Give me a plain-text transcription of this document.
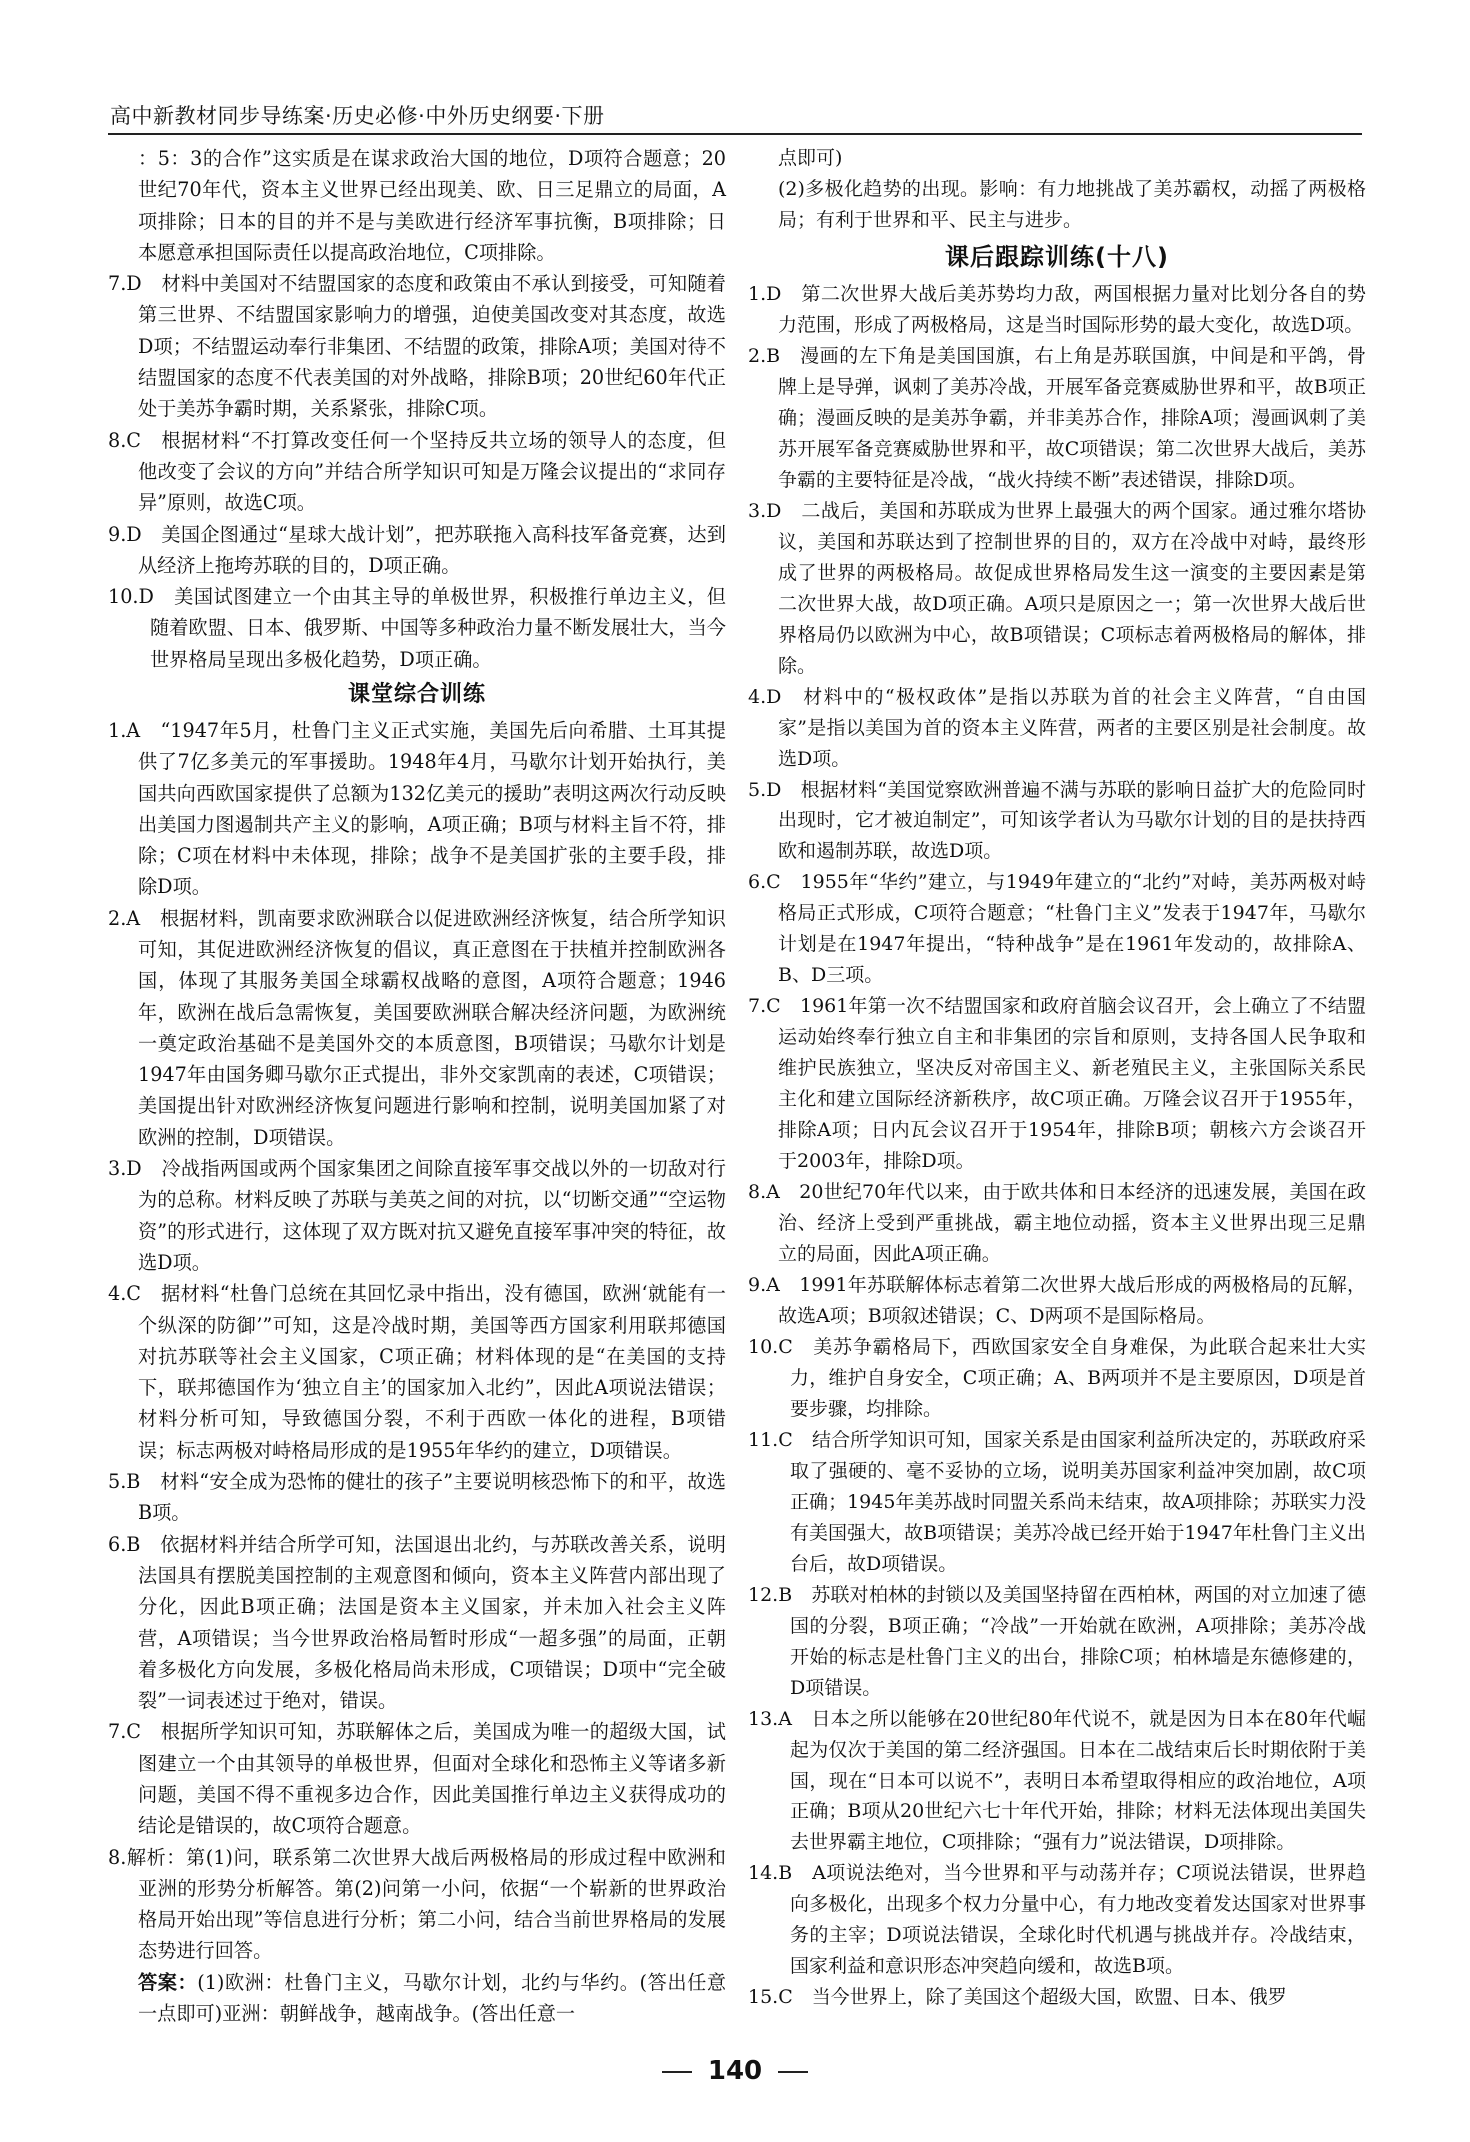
高中新教材同步导练案·历史必修·中外历史纲要·下册

：5：3的合作”这实质是在谋求政治大国的地位，D项符合题意；20世纪70年代，资本主义世界已经出现美、欧、日三足鼎立的局面，A项排除；日本的目的并不是与美欧进行经济军事抗衡，B项排除；日本愿意承担国际责任以提高政治地位，C项排除。

7.D　材料中美国对不结盟国家的态度和政策由不承认到接受，可知随着第三世界、不结盟国家影响力的增强，迫使美国改变对其态度，故选D项；不结盟运动奉行非集团、不结盟的政策，排除A项；美国对待不结盟国家的态度不代表美国的对外战略，排除B项；20世纪60年代正处于美苏争霸时期，关系紧张，排除C项。

8.C　根据材料“不打算改变任何一个坚持反共立场的领导人的态度，但他改变了会议的方向”并结合所学知识可知是万隆会议提出的“求同存异”原则，故选C项。

9.D　美国企图通过“星球大战计划”，把苏联拖入高科技军备竞赛，达到从经济上拖垮苏联的目的，D项正确。

10.D　美国试图建立一个由其主导的单极世界，积极推行单边主义，但随着欧盟、日本、俄罗斯、中国等多种政治力量不断发展壮大，当今世界格局呈现出多极化趋势，D项正确。

课堂综合训练

1.A　“1947年5月，杜鲁门主义正式实施，美国先后向希腊、土耳其提供了7亿多美元的军事援助。1948年4月，马歇尔计划开始执行，美国共向西欧国家提供了总额为132亿美元的援助”表明这两次行动反映出美国力图遏制共产主义的影响，A项正确；B项与材料主旨不符，排除；C项在材料中未体现，排除；战争不是美国扩张的主要手段，排除D项。

2.A　根据材料，凯南要求欧洲联合以促进欧洲经济恢复，结合所学知识可知，其促进欧洲经济恢复的倡议，真正意图在于扶植并控制欧洲各国，体现了其服务美国全球霸权战略的意图，A项符合题意；1946年，欧洲在战后急需恢复，美国要欧洲联合解决经济问题，为欧洲统一奠定政治基础不是美国外交的本质意图，B项错误；马歇尔计划是1947年由国务卿马歇尔正式提出，非外交家凯南的表述，C项错误；美国提出针对欧洲经济恢复问题进行影响和控制，说明美国加紧了对欧洲的控制，D项错误。

3.D　冷战指两国或两个国家集团之间除直接军事交战以外的一切敌对行为的总称。材料反映了苏联与美英之间的对抗，以“切断交通”“空运物资”的形式进行，这体现了双方既对抗又避免直接军事冲突的特征，故选D项。

4.C　据材料“杜鲁门总统在其回忆录中指出，没有德国，欧洲‘就能有一个纵深的防御’”可知，这是冷战时期，美国等西方国家利用联邦德国对抗苏联等社会主义国家，C项正确；材料体现的是“在美国的支持下，联邦德国作为‘独立自主’的国家加入北约”，因此A项说法错误；材料分析可知，导致德国分裂，不利于西欧一体化的进程，B项错误；标志两极对峙格局形成的是1955年华约的建立，D项错误。

5.B　材料“安全成为恐怖的健壮的孩子”主要说明核恐怖下的和平，故选B项。

6.B　依据材料并结合所学可知，法国退出北约，与苏联改善关系，说明法国具有摆脱美国控制的主观意图和倾向，资本主义阵营内部出现了分化，因此B项正确；法国是资本主义国家，并未加入社会主义阵营，A项错误；当今世界政治格局暂时形成“一超多强”的局面，正朝着多极化方向发展，多极化格局尚未形成，C项错误；D项中“完全破裂”一词表述过于绝对，错误。

7.C　根据所学知识可知，苏联解体之后，美国成为唯一的超级大国，试图建立一个由其领导的单极世界，但面对全球化和恐怖主义等诸多新问题，美国不得不重视多边合作，因此美国推行单边主义获得成功的结论是错误的，故C项符合题意。

8.解析：第(1)问，联系第二次世界大战后两极格局的形成过程中欧洲和亚洲的形势分析解答。第(2)问第一小问，依据“一个崭新的世界政治格局开始出现”等信息进行分析；第二小问，结合当前世界格局的发展态势进行回答。

答案：(1)欧洲：杜鲁门主义，马歇尔计划，北约与华约。(答出任意一点即可)亚洲：朝鲜战争，越南战争。(答出任意一

点即可)

(2)多极化趋势的出现。影响：有力地挑战了美苏霸权，动摇了两极格局；有利于世界和平、民主与进步。

课后跟踪训练(十八)

1.D　第二次世界大战后美苏势均力敌，两国根据力量对比划分各自的势力范围，形成了两极格局，这是当时国际形势的最大变化，故选D项。

2.B　漫画的左下角是美国国旗，右上角是苏联国旗，中间是和平鸽，骨牌上是导弹，讽刺了美苏冷战，开展军备竞赛威胁世界和平，故B项正确；漫画反映的是美苏争霸，并非美苏合作，排除A项；漫画讽刺了美苏开展军备竞赛威胁世界和平，故C项错误；第二次世界大战后，美苏争霸的主要特征是冷战，“战火持续不断”表述错误，排除D项。

3.D　二战后，美国和苏联成为世界上最强大的两个国家。通过雅尔塔协议，美国和苏联达到了控制世界的目的，双方在冷战中对峙，最终形成了世界的两极格局。故促成世界格局发生这一演变的主要因素是第二次世界大战，故D项正确。A项只是原因之一；第一次世界大战后世界格局仍以欧洲为中心，故B项错误；C项标志着两极格局的解体，排除。

4.D　材料中的“极权政体”是指以苏联为首的社会主义阵营，“自由国家”是指以美国为首的资本主义阵营，两者的主要区别是社会制度。故选D项。

5.D　根据材料“美国觉察欧洲普遍不满与苏联的影响日益扩大的危险同时出现时，它才被迫制定”，可知该学者认为马歇尔计划的目的是扶持西欧和遏制苏联，故选D项。

6.C　1955年“华约”建立，与1949年建立的“北约”对峙，美苏两极对峙格局正式形成，C项符合题意；“杜鲁门主义”发表于1947年，马歇尔计划是在1947年提出，“特种战争”是在1961年发动的，故排除A、B、D三项。

7.C　1961年第一次不结盟国家和政府首脑会议召开，会上确立了不结盟运动始终奉行独立自主和非集团的宗旨和原则，支持各国人民争取和维护民族独立，坚决反对帝国主义、新老殖民主义，主张国际关系民主化和建立国际经济新秩序，故C项正确。万隆会议召开于1955年，排除A项；日内瓦会议召开于1954年，排除B项；朝核六方会谈召开于2003年，排除D项。

8.A　20世纪70年代以来，由于欧共体和日本经济的迅速发展，美国在政治、经济上受到严重挑战，霸主地位动摇，资本主义世界出现三足鼎立的局面，因此A项正确。

9.A　1991年苏联解体标志着第二次世界大战后形成的两极格局的瓦解，故选A项；B项叙述错误；C、D两项不是国际格局。

10.C　美苏争霸格局下，西欧国家安全自身难保，为此联合起来壮大实力，维护自身安全，C项正确；A、B两项并不是主要原因，D项是首要步骤，均排除。

11.C　结合所学知识可知，国家关系是由国家利益所决定的，苏联政府采取了强硬的、毫不妥协的立场，说明美苏国家利益冲突加剧，故C项正确；1945年美苏战时同盟关系尚未结束，故A项排除；苏联实力没有美国强大，故B项错误；美苏冷战已经开始于1947年杜鲁门主义出台后，故D项错误。

12.B　苏联对柏林的封锁以及美国坚持留在西柏林，两国的对立加速了德国的分裂，B项正确；“冷战”一开始就在欧洲，A项排除；美苏冷战开始的标志是杜鲁门主义的出台，排除C项；柏林墙是东德修建的，D项错误。

13.A　日本之所以能够在20世纪80年代说不，就是因为日本在80年代崛起为仅次于美国的第二经济强国。日本在二战结束后长时期依附于美国，现在“日本可以说不”，表明日本希望取得相应的政治地位，A项正确；B项从20世纪六七十年代开始，排除；材料无法体现出美国失去世界霸主地位，C项排除；“强有力”说法错误，D项排除。

14.B　A项说法绝对，当今世界和平与动荡并存；C项说法错误，世界趋向多极化，出现多个权力分量中心，有力地改变着发达国家对世界事务的主宰；D项说法错误，全球化时代机遇与挑战并存。冷战结束，国家利益和意识形态冲突趋向缓和，故选B项。

15.C　当今世界上，除了美国这个超级大国，欧盟、日本、俄罗

140
